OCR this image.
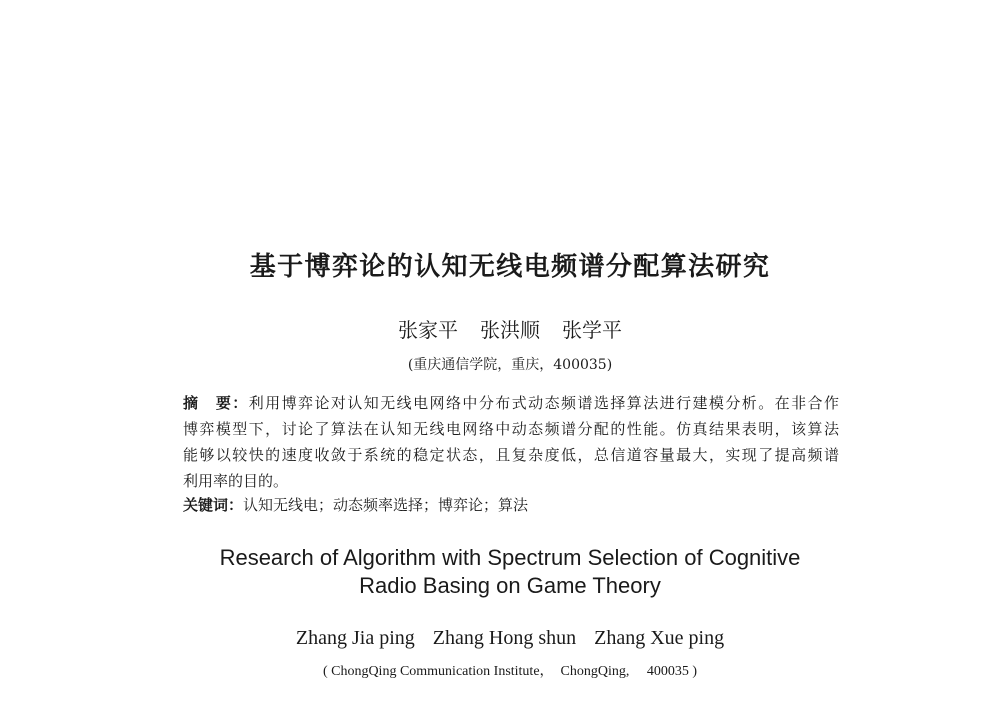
基于博弈论的认知无线电频谱分配算法研究
张家平 张洪顺 张学平
(重庆通信学院，重庆，400035)
摘　要：利用博弈论对认知无线电网络中分布式动态频谱选择算法进行建模分析。在非合作
博弈模型下，讨论了算法在认知无线电网络中动态频谱分配的性能。仿真结果表明，该算法
能够以较快的速度收敛于系统的稳定状态，且复杂度低，总信道容量最大，实现了提高频谱
利用率的目的。
关键词：认知无线电；动态频率选择；博弈论；算法
Research of Algorithm with Spectrum Selection of Cognitive
Radio Basing on Game Theory
Zhang Jia ping Zhang Hong shun Zhang Xue ping
( ChongQing Communication Institute，  ChongQing,     400035 )
